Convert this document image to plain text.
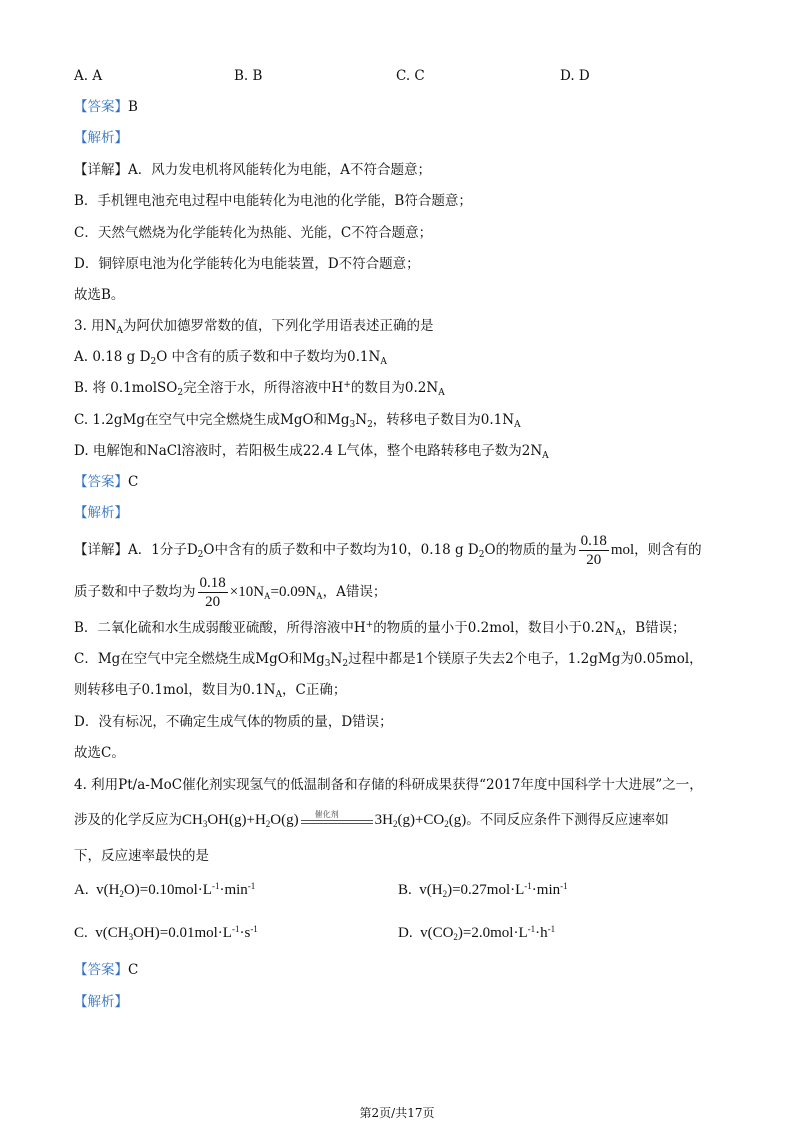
A. A	B. B	C. C	D. D
【答案】B
【解析】
【详解】A．风力发电机将风能转化为电能，A不符合题意；
B．手机锂电池充电过程中电能转化为电池的化学能，B符合题意；
C．天然气燃烧为化学能转化为热能、光能，C不符合题意；
D．铜锌原电池为化学能转化为电能装置，D不符合题意；
故选B。
3. 用$N_A$为阿伏加德罗常数的值，下列化学用语表述正确的是
A. 0.18 g $D_2O$ 中含有的质子数和中子数均为$0.1N_A$
B. 将 0.1molSO$_2$完全溶于水，所得溶液中H+的数目为$0.2N_A$
C. 1.2gMg在空气中完全燃烧生成MgO和$Mg_3N_2$，转移电子数目为$0.1N_A$
D. 电解饱和NaCl溶液时，若阳极生成22.4 L气体，整个电路转移电子数为$2N_A$
【答案】C
【解析】
【详解】A．1分子$D_2O$中含有的质子数和中子数均为10，0.18 g $D_2O$的物质的量为 $\frac{0.18}{20}$ mol，则含有的
质子数和中子数均为 $\frac{0.18}{20} \times 10N_A=0.09N_A$，A错误；
B．二氧化硫和水生成弱酸亚硫酸，所得溶液中H+的物质的量小于0.2mol，数目小于$0.2N_A$，B错误；
C．Mg在空气中完全燃烧生成MgO和$Mg_3N_2$过程中都是1个镁原子失去2个电子，1.2gMg为0.05mol，
则转移电子0.1mol，数目为$0.1N_A$，C正确；
D．没有标况，不确定生成气体的物质的量，D错误；
故选C。
4. 利用Pt/a-MoC催化剂实现氢气的低温制备和存储的科研成果获得“2017年度中国科学十大进展”之一，
涉及的化学反应为$CH_3OH(g)+H_2O(g)$ 催化剂 $3H_2(g)+CO_2(g)$。不同反应条件下测得反应速率如
下，反应速率最快的是
A.  $v(H_2O)=0.10mol\cdot L^{-1}\cdot\min^{-1}$	B.  $v(H_2)=0.27mol\cdot L^{-1}\cdot\min^{-1}$
C.  $v(CH_3OH)=0.01mol\cdot L^{-1}\cdot s^{-1}$	D.  $v(CO_2)=2.0mol\cdot L^{-1}\cdot h^{-1}$
【答案】C
【解析】
第2页/共17页
